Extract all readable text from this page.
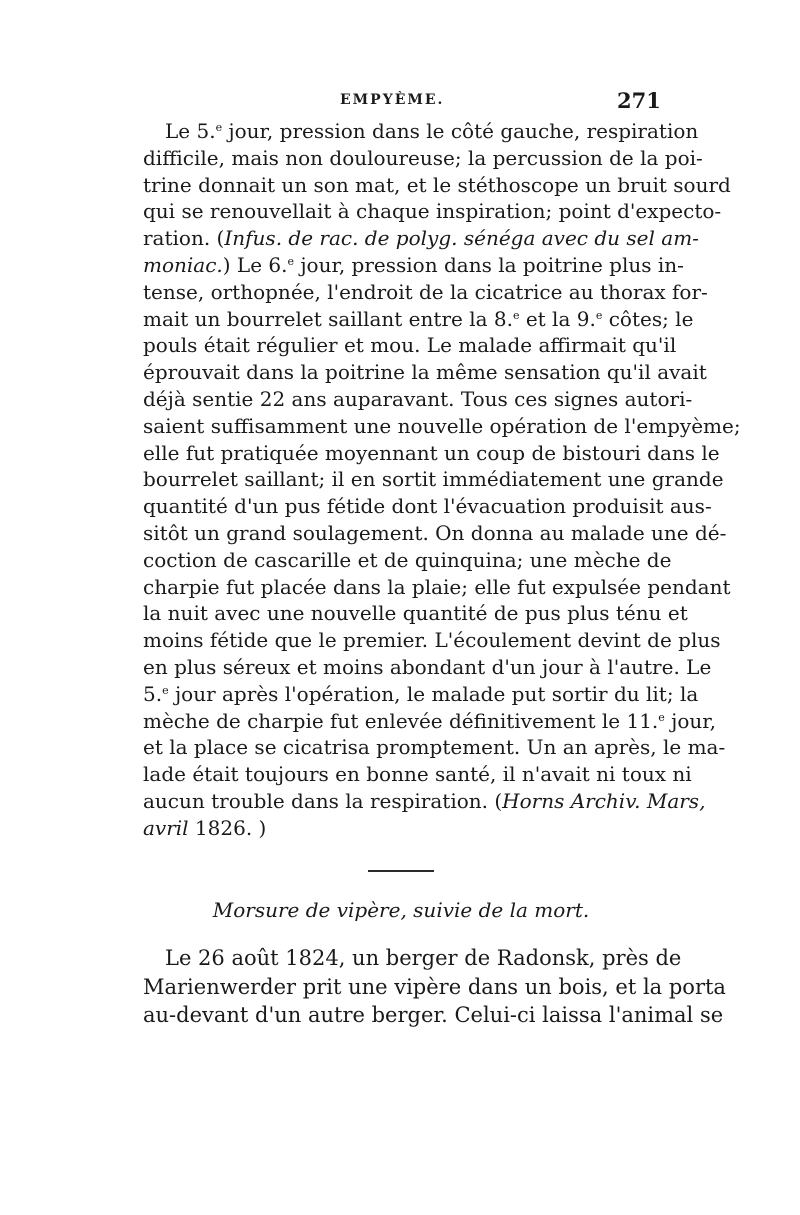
EMPYÈME.	271
Le 5.$^e$ jour, pression dans le côté gauche, respiration
difficile, mais non douloureuse; la percussion de la poi-
trine donnait un son mat, et le stéthoscope un bruit sourd
qui se renouvellait à chaque inspiration; point d'expecto-
ration. (Infus. de rac. de polyg. sénéga avec du sel am-
moniac.) Le 6.$^e$ jour, pression dans la poitrine plus in-
tense, orthopnée, l'endroit de la cicatrice au thorax for-
mait un bourrelet saillant entre la 8.$^e$ et la 9.$^e$ côtes; le
pouls était régulier et mou. Le malade affirmait qu'il
éprouvait dans la poitrine la même sensation qu'il avait
déjà sentie 22 ans auparavant. Tous ces signes autori-
saient suffisamment une nouvelle opération de l'empyème;
elle fut pratiquée moyennant un coup de bistouri dans le
bourrelet saillant; il en sortit immédiatement une grande
quantité d'un pus fétide dont l'évacuation produisit aus-
sitôt un grand soulagement. On donna au malade une dé-
coction de cascarille et de quinquina; une mèche de
charpie fut placée dans la plaie; elle fut expulsée pendant
la nuit avec une nouvelle quantité de pus plus ténu et
moins fétide que le premier. L'écoulement devint de plus
en plus séreux et moins abondant d'un jour à l'autre. Le
5.$^e$ jour après l'opération, le malade put sortir du lit; la
mèche de charpie fut enlevée définitivement le 11.$^e$ jour,
et la place se cicatrisa promptement. Un an après, le ma-
lade était toujours en bonne santé, il n'avait ni toux ni
aucun trouble dans la respiration. (Horns Archiv. Mars,
avril 1826. )
Morsure de vipère, suivie de la mort.
Le 26 août 1824, un berger de Radonsk, près de
Marienwerder prit une vipère dans un bois, et la porta
au-devant d'un autre berger. Celui-ci laissa l'animal se
